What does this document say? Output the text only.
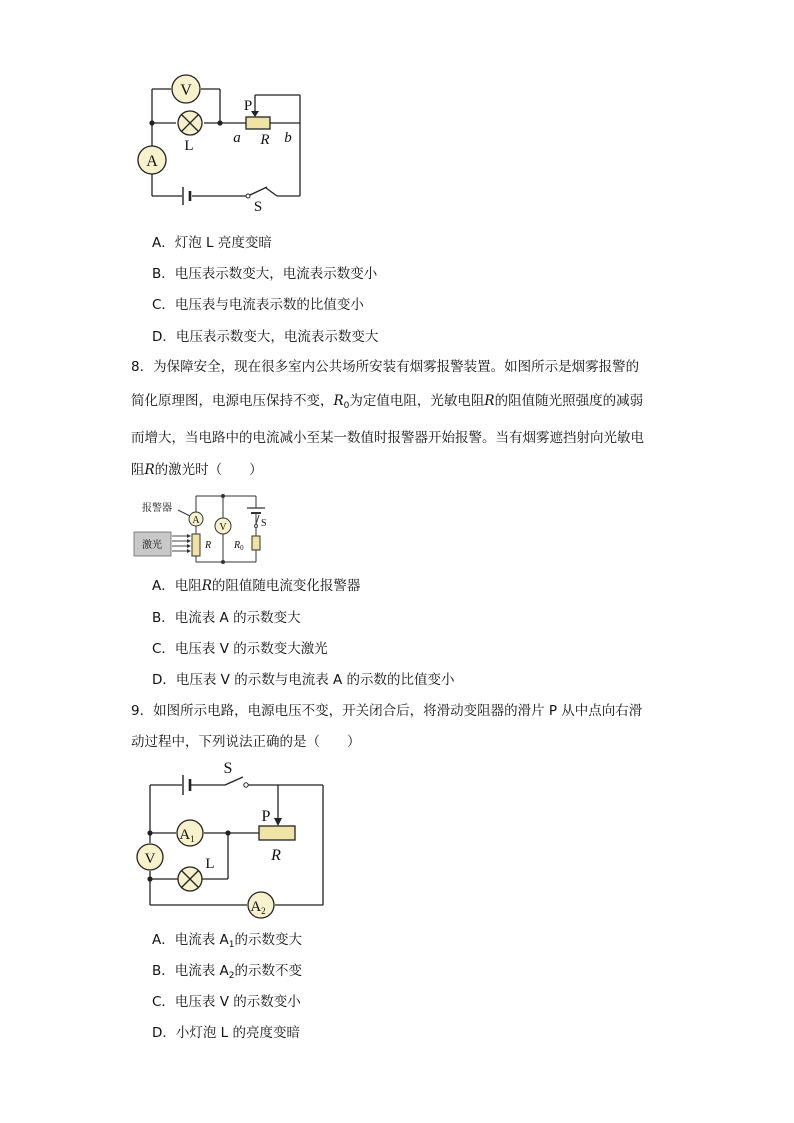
V
L
A
P
a R b
S
A．灯泡 L 亮度变暗
B．电压表示数变大，电流表示数变小
C．电压表与电流表示数的比值变小
D．电压表示数变大，电流表示数变大
8．为保障安全，现在很多室内公共场所安装有烟雾报警装置。如图所示是烟雾报警的
简化原理图，电源电压保持不变，$R_0$为定值电阻，光敏电阻R的阻值随光照强度的减弱
而增大，当电路中的电流减小至某一数值时报警器开始报警。当有烟雾遮挡射向光敏电
阻R的激光时（　　）
A
V
R $R_0$
S
报警器
激光
A．电阻R的阻值随电流变化报警器
B．电流表 A 的示数变大
C．电压表 V 的示数变大激光
D．电压表 V 的示数与电流表 A 的示数的比值变小
9．如图所示电路，电源电压不变，开关闭合后，将滑动变阻器的滑片 P 从中点向右滑
动过程中，下列说法正确的是（　　）
S
$A_1$
V	L
P
R
$A_2$
A．电流表 $A_1$的示数变大
B．电流表 $A_2$的示数不变
C．电压表 V 的示数变小
D．小灯泡 L 的亮度变暗
